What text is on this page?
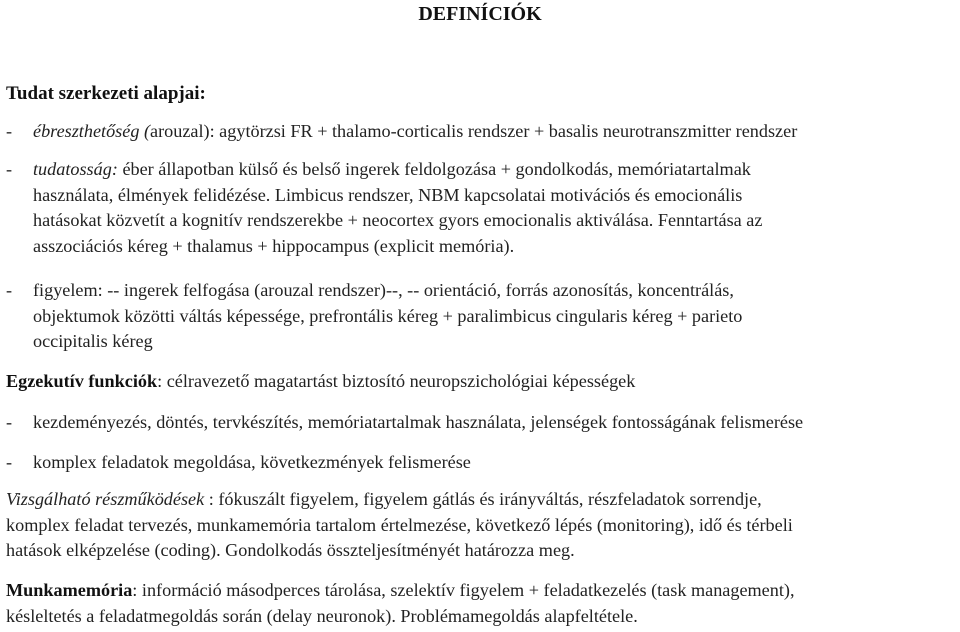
DEFINÍCIÓK
Tudat szerkezeti alapjai:
- ébreszthetőség (arouzal): agytörzsi FR + thalamo-corticalis rendszer + basalis neurotranszmitter rendszer
- tudatosság: éber állapotban külső és belső ingerek feldolgozása + gondolkodás, memóriatartalmak
használata, élmények felidézése. Limbicus rendszer, NBM kapcsolatai motivációs és emocionális
hatásokat közvetít a kognitív rendszerekbe + neocortex gyors emocionalis aktiválása. Fenntartása az
asszociációs kéreg + thalamus + hippocampus (explicit memória).
- figyelem: -- ingerek felfogása (arouzal rendszer)--, -- orientáció, forrás azonosítás, koncentrálás,
objektumok közötti váltás képessége, prefrontális kéreg + paralimbicus cingularis kéreg + parieto
occipitalis kéreg
Egzekutív funkciók: célravezető magatartást biztosító neuropszichológiai képességek
- kezdeményezés, döntés, tervkészítés, memóriatartalmak használata, jelenségek fontosságának felismerése
- komplex feladatok megoldása, következmények felismerése
Vizsgálható részműködések : fókuszált figyelem, figyelem gátlás és irányváltás, részfeladatok sorrendje,
komplex feladat tervezés, munkamemória tartalom értelmezése, következő lépés (monitoring), idő és térbeli
hatások elképzelése (coding). Gondolkodás összteljesítményét határozza meg.
Munkamemória: információ másodperces tárolása, szelektív figyelem + feladatkezelés (task management),
késleltetés a feladatmegoldás során (delay neuronok). Problémamegoldás alapfeltétele.
